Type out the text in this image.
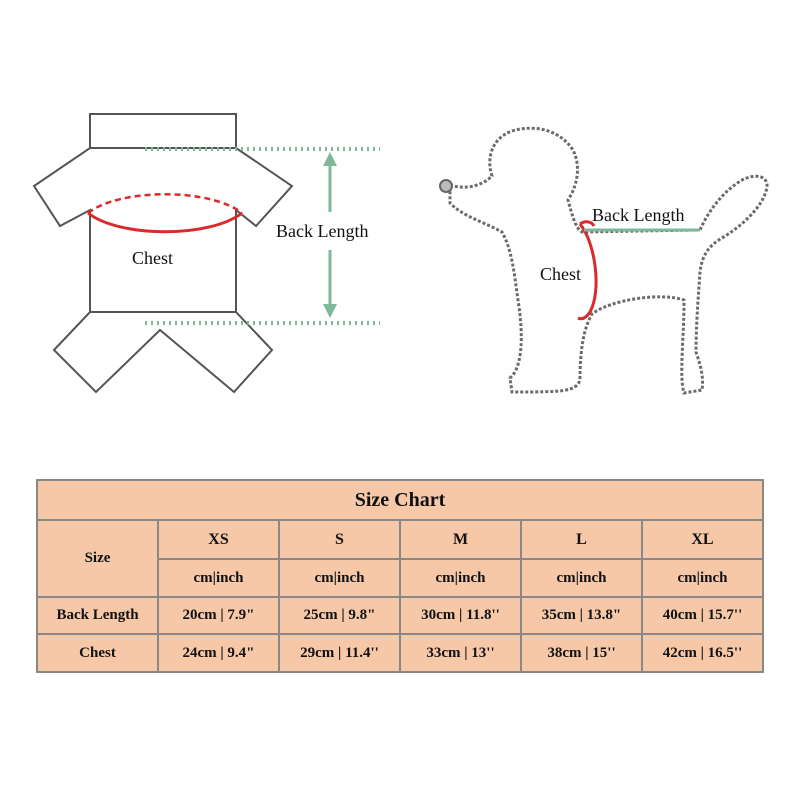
Chest
Back Length
Chest
Back Length
Size Chart					
Size	XS	S	M	L	XL
	cm|inch	cm|inch	cm|inch	cm|inch	cm|inch
Back Length	20cm | 7.9"	25cm | 9.8"	30cm | 11.8''	35cm | 13.8"	40cm | 15.7''
Chest	24cm | 9.4"	29cm | 11.4''	33cm | 13''	38cm | 15''	42cm | 16.5''
